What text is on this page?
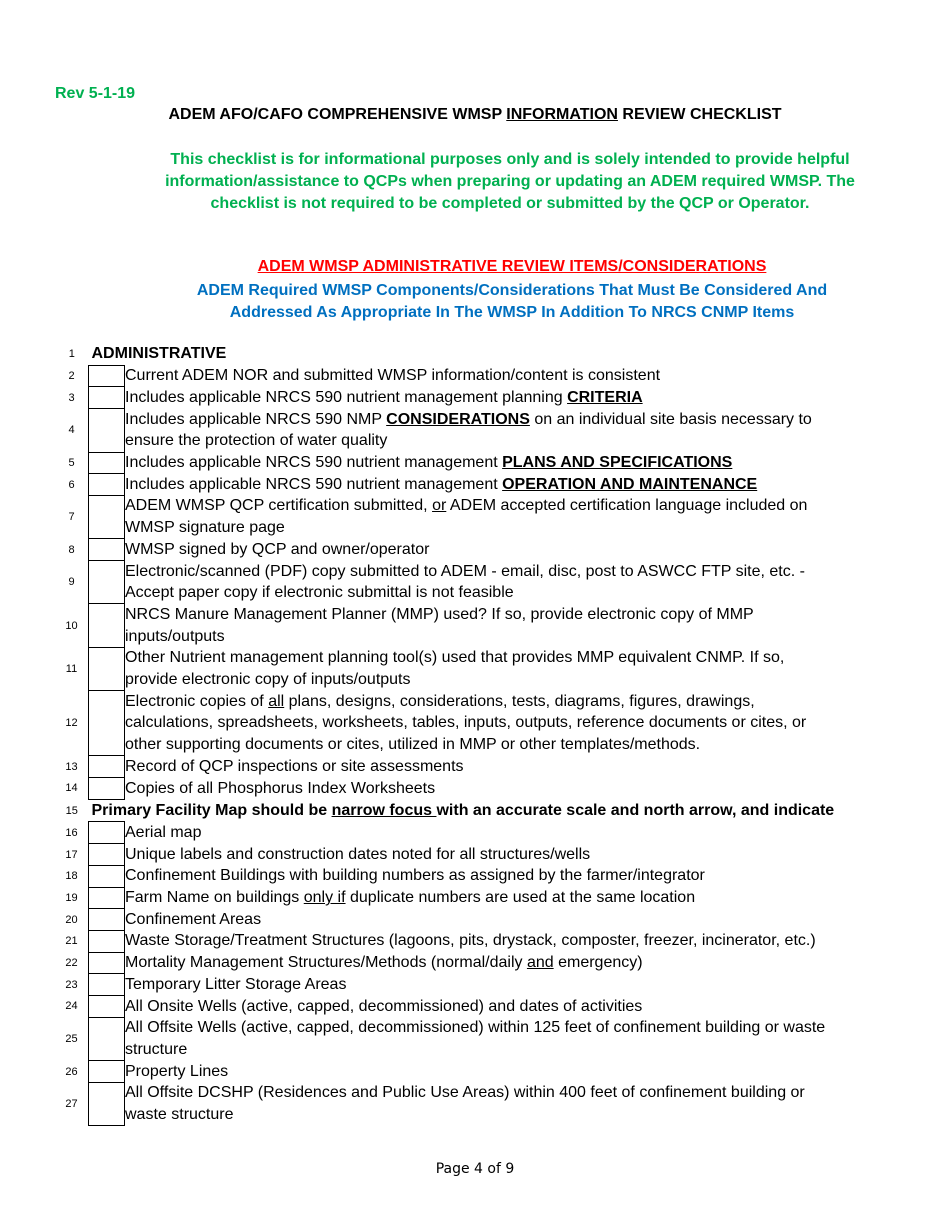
Rev 5-1-19
ADEM AFO/CAFO COMPREHENSIVE WMSP INFORMATION REVIEW CHECKLIST
This checklist is for informational purposes only and is solely intended to provide helpful
information/assistance to QCPs when preparing or updating an ADEM required WMSP. The
checklist is not required to be completed or submitted by the QCP or Operator.
ADEM WMSP ADMINISTRATIVE REVIEW ITEMS/CONSIDERATIONS
ADEM Required WMSP Components/Considerations That Must Be Considered And
Addressed As Appropriate In The WMSP In Addition To NRCS CNMP Items
1	ADMINISTRATIVE	
2		Current ADEM NOR and submitted WMSP information/content is consistent
3		Includes applicable NRCS 590 nutrient management planning CRITERIA
4		Includes applicable NRCS 590 NMP CONSIDERATIONS on an individual site basis necessary to
ensure the protection of water quality
5		Includes applicable NRCS 590 nutrient management PLANS AND SPECIFICATIONS
6		Includes applicable NRCS 590 nutrient management OPERATION AND MAINTENANCE
7		ADEM WMSP QCP certification submitted, or ADEM accepted certification language included on
WMSP signature page
8		WMSP signed by QCP and owner/operator
9		Electronic/scanned (PDF) copy submitted to ADEM - email, disc, post to ASWCC FTP site, etc. -
Accept paper copy if electronic submittal is not feasible
10		NRCS Manure Management Planner (MMP) used? If so, provide electronic copy of MMP
inputs/outputs
11		Other Nutrient management planning tool(s) used that provides MMP equivalent CNMP. If so,
provide electronic copy of inputs/outputs
12		Electronic copies of all plans, designs, considerations, tests, diagrams, figures, drawings,
calculations, spreadsheets, worksheets, tables, inputs, outputs, reference documents or cites, or
other supporting documents or cites, utilized in MMP or other templates/methods.
13		Record of QCP inspections or site assessments
14		Copies of all Phosphorus Index Worksheets
15	Primary Facility Map should be narrow focus with an accurate scale and north arrow, and indicate	
16		Aerial map
17		Unique labels and construction dates noted for all structures/wells
18		Confinement Buildings with building numbers as assigned by the farmer/integrator
19		Farm Name on buildings only if duplicate numbers are used at the same location
20		Confinement Areas
21		Waste Storage/Treatment Structures (lagoons, pits, drystack, composter, freezer, incinerator, etc.)
22		Mortality Management Structures/Methods (normal/daily and emergency)
23		Temporary Litter Storage Areas
24		All Onsite Wells (active, capped, decommissioned) and dates of activities
25		All Offsite Wells (active, capped, decommissioned) within 125 feet of confinement building or waste
structure
26		Property Lines
27		All Offsite DCSHP (Residences and Public Use Areas) within 400 feet of confinement building or
waste structure
Page 4 of 9
